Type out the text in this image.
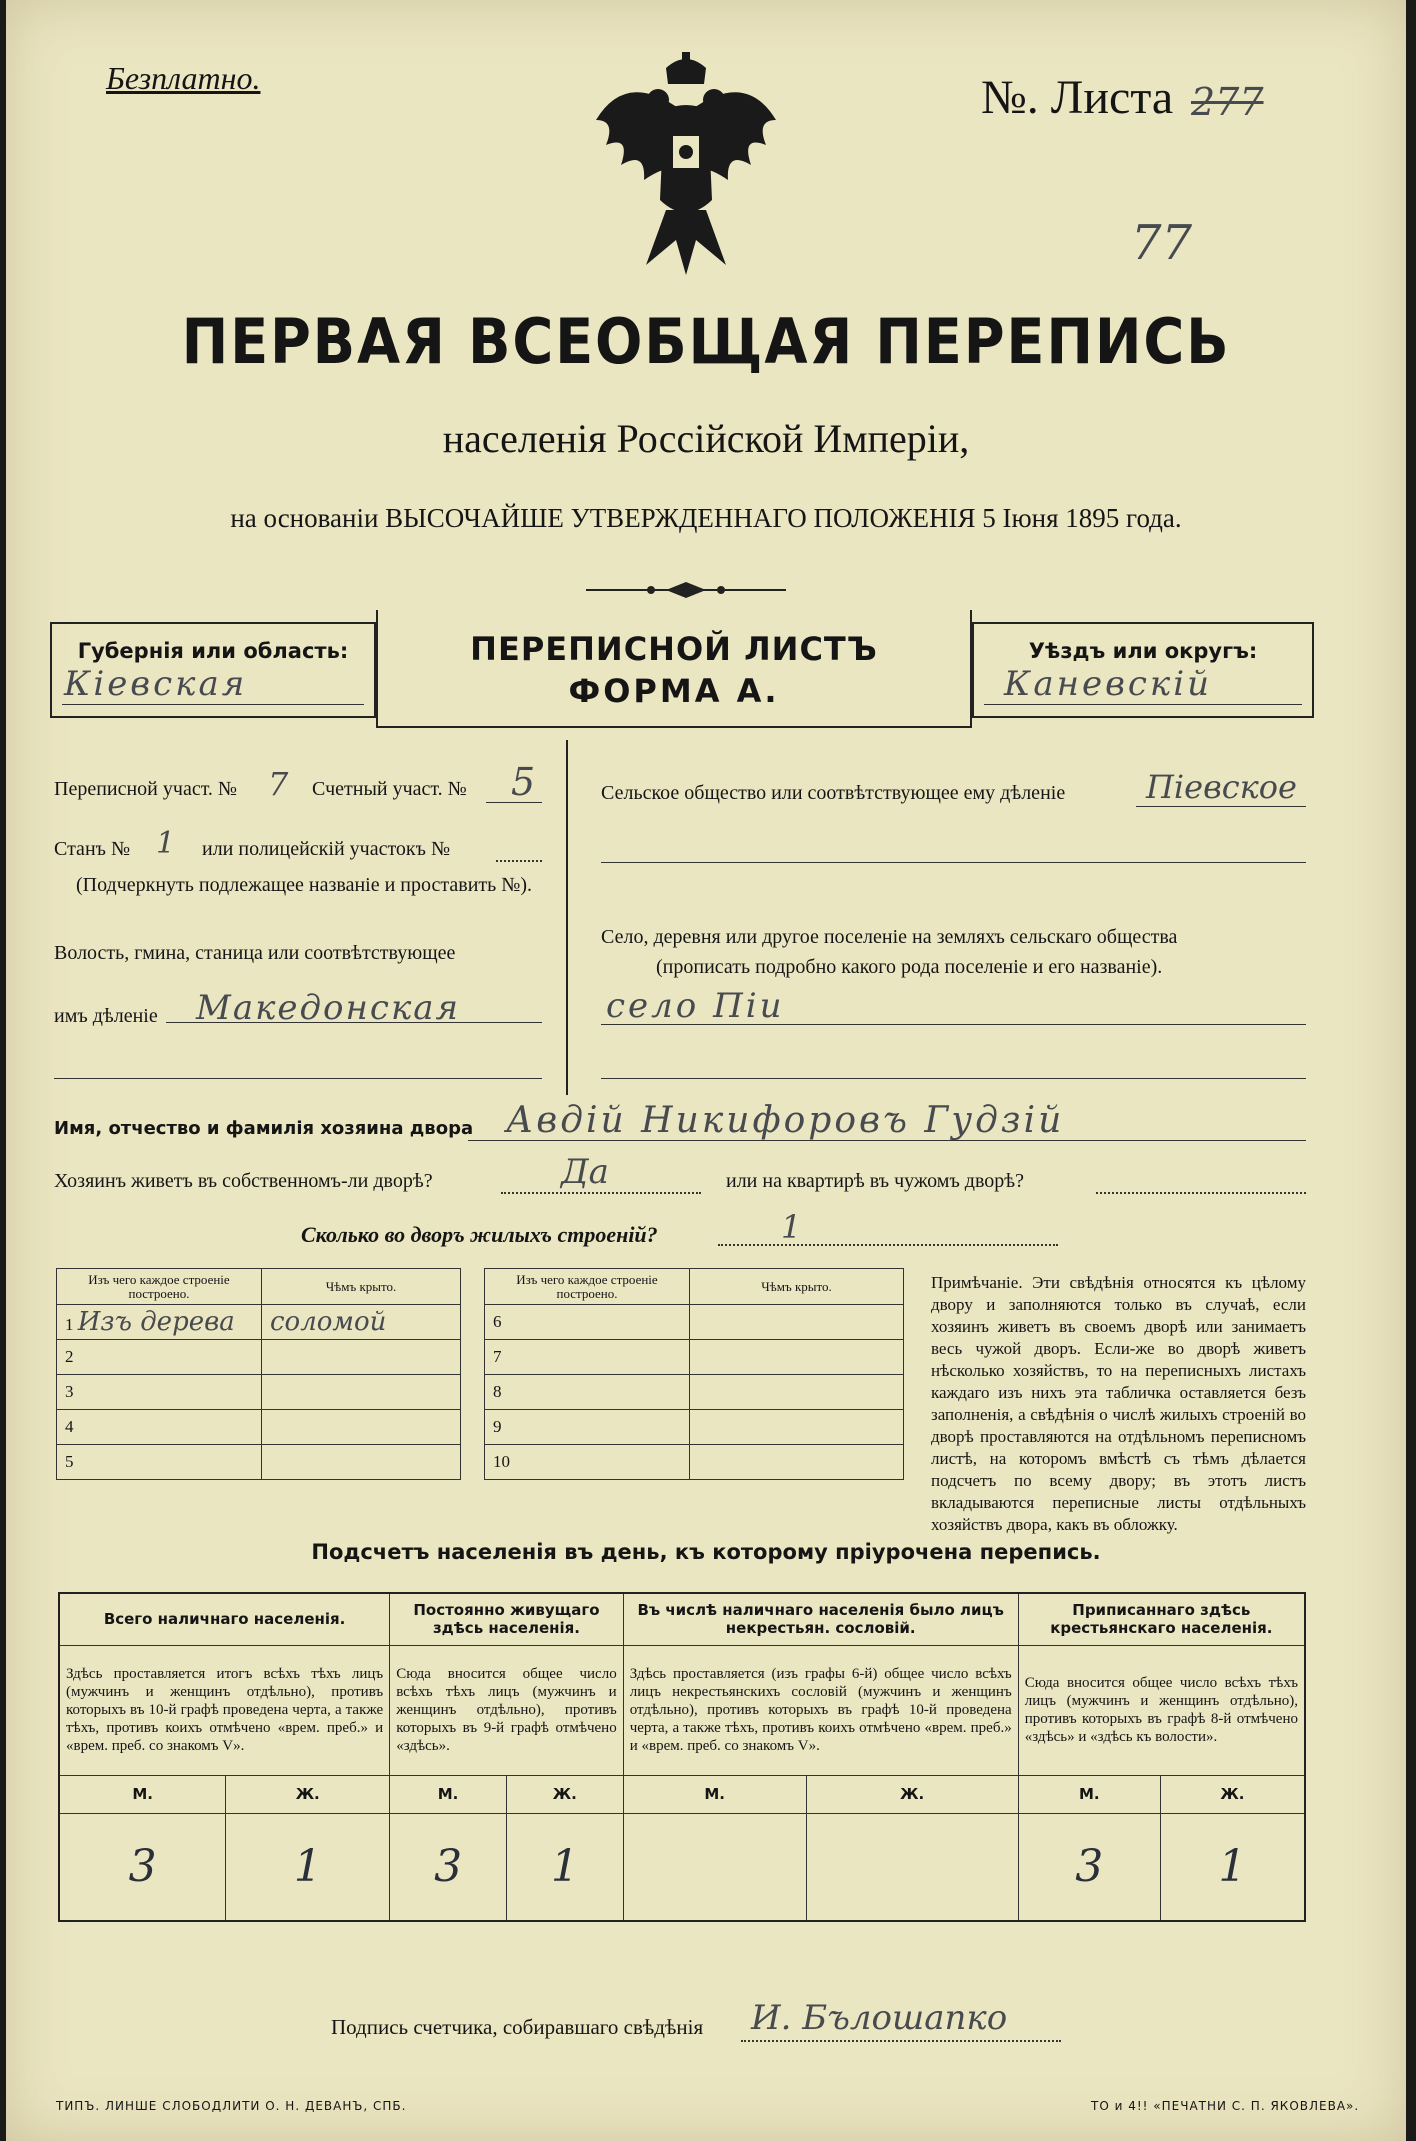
Безплатно.	№. Листа 277
77
ПЕРВАЯ ВСЕОБЩАЯ ПЕРЕПИСЬ
населенія Россійской Имперіи,
на основаніи ВЫСОЧАЙШЕ УТВЕРЖДЕННАГО ПОЛОЖЕНІЯ 5 Іюня 1895 года.
Губернія или область:
Кіевская
ПЕРЕПИСНОЙ ЛИСТЪ
ФОРМА А.
Уѣздъ или округъ:
Каневскій
Переписной участ. № 7 Счетный участ. № 5
Станъ № 1 или полицейскій участокъ №
(Подчеркнуть подлежащее названіе и проставить №).
Волость, гмина, станица или соотвѣтствующее
имъ дѣленіе Македонская
Сельское общество или соотвѣтствующее ему дѣленіе	Піевское
Село, деревня или другое поселеніе на земляхъ сельскаго общества
(прописать подробно какого рода поселеніе и его названіе).
село Піи
Имя, отчество и фамилія хозяина двора Авдій Никифоровъ Гудзій
Хозяинъ живетъ въ собственномъ-ли дворѣ?	Да	или на квартирѣ въ чужомъ дворѣ?
Сколько во дворъ жилыхъ строеній?	1
Изъ чего каждое строеніе построено.	Чѣмъ крыто.
1 Изъ дерева	соломой
2	
3	
4	
5	
Изъ чего каждое строеніе построено.	Чѣмъ крыто.
6	
7	
8	
9	
10	
Примѣчаніе. Эти свѣдѣнія относятся къ цѣлому двору и заполняются только въ случаѣ, если хозяинъ живетъ въ своемъ дворѣ или занимаетъ весь чужой дворъ. Если-же во дворѣ живетъ нѣсколько хозяйствъ, то на переписныхъ листахъ каждаго изъ нихъ эта табличка оставляется безъ заполненія, а свѣдѣнія о числѣ жилыхъ строеній во дворѣ проставляются на отдѣльномъ переписномъ листѣ, на которомъ вмѣстѣ съ тѣмъ дѣлается подсчетъ по всему двору; въ этотъ листъ вкладываются переписные листы отдѣльныхъ хозяйствъ двора, какъ въ обложку.
Подсчетъ населенія въ день, къ которому пріурочена перепись.
Всего наличнаго населенія.		Постоянно живущаго здѣсь населенія.		Въ числѣ наличнаго населенія было лицъ некрестьян. сословій.		Приписаннаго здѣсь крестьянскаго населенія.	
Здѣсь проставляется итогъ всѣхъ тѣхъ лицъ (мужчинъ и женщинъ отдѣльно), противъ которыхъ въ 10-й графѣ проведена черта, а также тѣхъ, противъ коихъ отмѣчено «врем. преб.» и «врем. преб. со знакомъ V».		Сюда вносится общее число всѣхъ тѣхъ лицъ (мужчинъ и женщинъ отдѣльно), противъ которыхъ въ 9-й графѣ отмѣчено «здѣсь».		Здѣсь проставляется (изъ графы 6-й) общее число всѣхъ лицъ некрестьянскихъ сословій (мужчинъ и женщинъ отдѣльно), противъ которыхъ въ графѣ 10-й проведена черта, а также тѣхъ, противъ коихъ отмѣчено «врем. преб.» и «врем. преб. со знакомъ V».		Сюда вносится общее число всѣхъ тѣхъ лицъ (мужчинъ и женщинъ отдѣльно), противъ которыхъ въ графѣ 8-й отмѣчено «здѣсь» и «здѣсь къ волости».	
М.	Ж.	М.	Ж.	М.	Ж.	М.	Ж.
3	1	3	1			3	1
Подпись счетчика, собиравшаго свѣдѣнія И. Бълошапко
ТИПЪ. ЛИНШЕ СЛОБОДЛИТИ О. Н. ДЕВАНЪ, СПБ.	ТО и 4!! «ПЕЧАТНИ С. П. ЯКОВЛЕВА».
